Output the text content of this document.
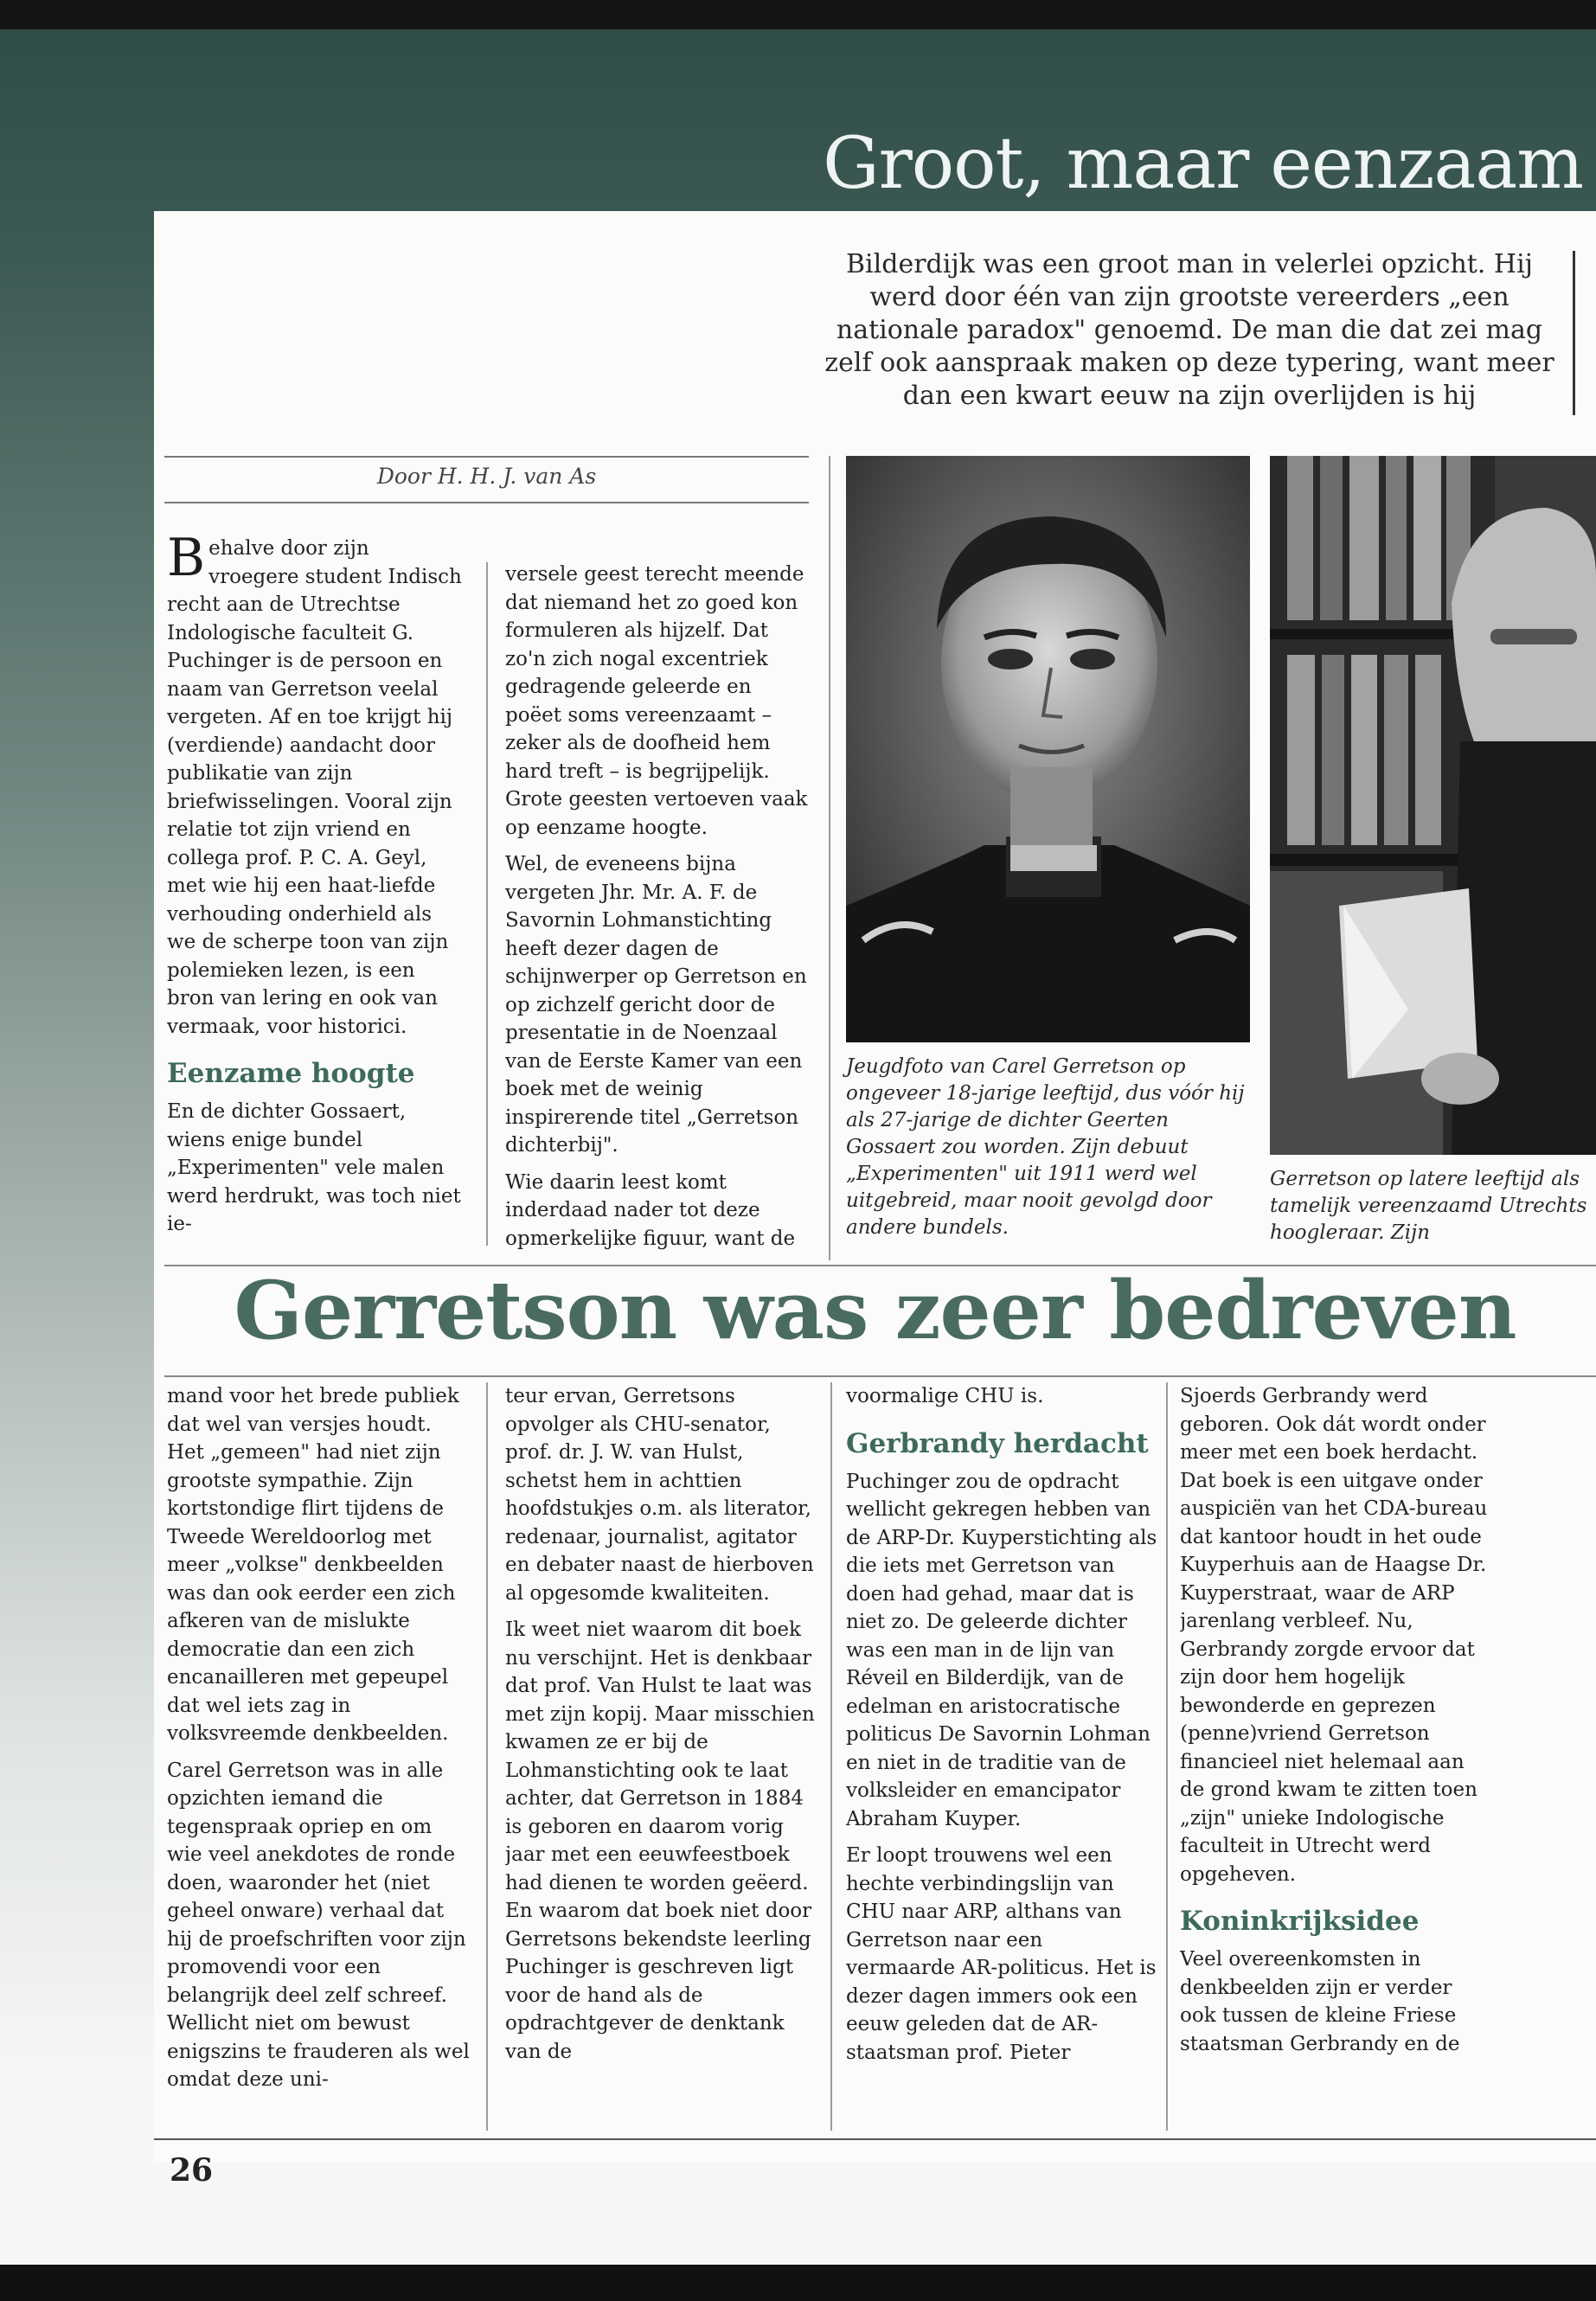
Groot, maar eenzaam
Bilderdijk was een groot man in velerlei opzicht. Hij werd door één van zijn grootste vereerders „een nationale paradox" genoemd. De man die dat zei mag zelf ook aanspraak maken op deze typering, want meer dan een kwart eeuw na zijn overlijden is hij
Door H. H. J. van As

Behalve door zijn vroegere student Indisch recht aan de Utrechtse Indologische faculteit G. Puchinger is de persoon en naam van Gerretson veelal vergeten. Af en toe krijgt hij (verdiende) aandacht door publikatie van zijn briefwisselingen. Vooral zijn relatie tot zijn vriend en collega prof. P. C. A. Geyl, met wie hij een haat-liefde verhouding onderhield als we de scherpe toon van zijn polemieken lezen, is een bron van lering en ook van vermaak, voor historici.

Eenzame hoogte

En de dichter Gossaert, wiens enige bundel „Experimenten" vele malen werd herdrukt, was toch niet ie-

versele geest terecht meende dat niemand het zo goed kon formuleren als hijzelf. Dat zo'n zich nogal excentriek gedragende geleerde en poëet soms vereenzaamt – zeker als de doofheid hem hard treft – is begrijpelijk. Grote geesten vertoeven vaak op eenzame hoogte.

Wel, de eveneens bijna vergeten Jhr. Mr. A. F. de Savornin Lohmanstichting heeft dezer dagen de schijnwerper op Gerretson en op zichzelf gericht door de presentatie in de Noenzaal van de Eerste Kamer van een boek met de weinig inspirerende titel „Gerretson dichterbij".

Wie daarin leest komt inderdaad nader tot deze opmerkelijke figuur, want de

Jeugdfoto van Carel Gerretson op ongeveer 18-jarige leeftijd, dus vóór hij als 27-jarige de dichter Geerten Gossaert zou worden. Zijn debuut „Experimenten" uit 1911 werd wel uitgebreid, maar nooit gevolgd door andere bundels.
Gerretson op latere leeftijd als tamelijk vereenzaamd Utrechts hoogleraar. Zijn
Gerretson was zeer bedreven

mand voor het brede publiek dat wel van versjes houdt. Het „gemeen" had niet zijn grootste sympathie. Zijn kortstondige flirt tijdens de Tweede Wereldoorlog met meer „volkse" denkbeelden was dan ook eerder een zich afkeren van de mislukte democratie dan een zich encanailleren met gepeupel dat wel iets zag in volksvreemde denkbeelden.

Carel Gerretson was in alle opzichten iemand die tegenspraak opriep en om wie veel anekdotes de ronde doen, waaronder het (niet geheel onware) verhaal dat hij de proefschriften voor zijn promovendi voor een belangrijk deel zelf schreef. Wellicht niet om bewust enigszins te frauderen als wel omdat deze uni-

teur ervan, Gerretsons opvolger als CHU-senator, prof. dr. J. W. van Hulst, schetst hem in achttien hoofdstukjes o.m. als literator, redenaar, journalist, agitator en debater naast de hierboven al opgesomde kwaliteiten.

Ik weet niet waarom dit boek nu verschijnt. Het is denkbaar dat prof. Van Hulst te laat was met zijn kopij. Maar misschien kwamen ze er bij de Lohmanstichting ook te laat achter, dat Gerretson in 1884 is geboren en daarom vorig jaar met een eeuwfeestboek had dienen te worden geëerd. En waarom dat boek niet door Gerretsons bekendste leerling Puchinger is geschreven ligt voor de hand als de opdrachtgever de denktank van de

voormalige CHU is.

Gerbrandy herdacht

Puchinger zou de opdracht wellicht gekregen hebben van de ARP-Dr. Kuyperstichting als die iets met Gerretson van doen had gehad, maar dat is niet zo. De geleerde dichter was een man in de lijn van Réveil en Bilderdijk, van de edelman en aristocratische politicus De Savornin Lohman en niet in de traditie van de volksleider en emancipator Abraham Kuyper.

Er loopt trouwens wel een hechte verbindingslijn van CHU naar ARP, althans van Gerretson naar een vermaarde AR-politicus. Het is dezer dagen immers ook een eeuw geleden dat de AR-staatsman prof. Pieter

Sjoerds Gerbrandy werd geboren. Ook dát wordt onder meer met een boek herdacht. Dat boek is een uitgave onder auspiciën van het CDA-bureau dat kantoor houdt in het oude Kuyperhuis aan de Haagse Dr. Kuyperstraat, waar de ARP jarenlang verbleef. Nu, Gerbrandy zorgde ervoor dat zijn door hem hogelijk bewonderde en geprezen (penne)vriend Gerretson financieel niet helemaal aan de grond kwam te zitten toen „zijn" unieke Indologische faculteit in Utrecht werd opgeheven.

Koninkrijksidee

Veel overeenkomsten in denkbeelden zijn er verder ook tussen de kleine Friese staatsman Gerbrandy en de

26
